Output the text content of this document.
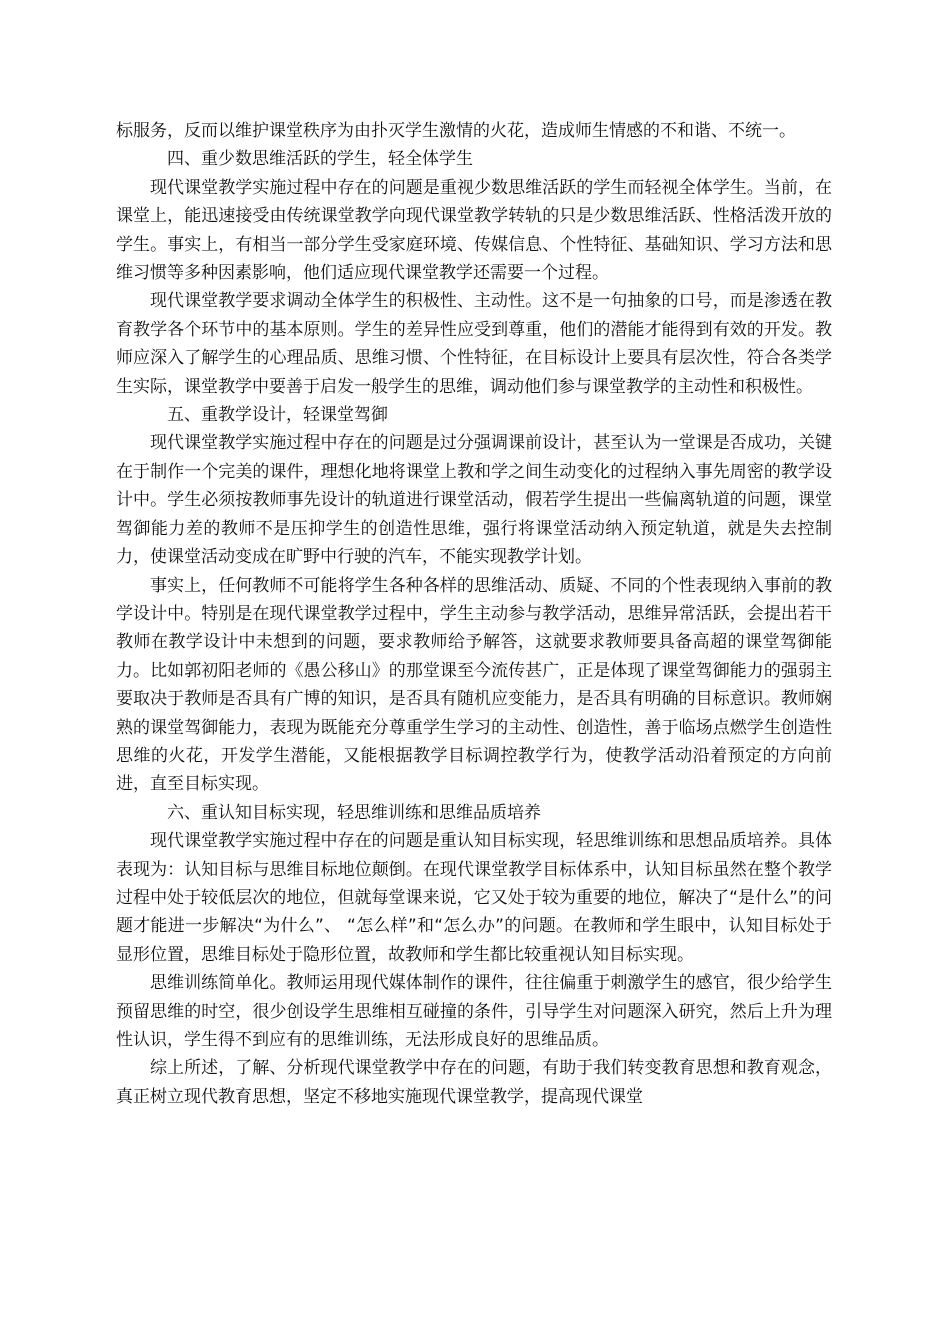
标服务，反而以维护课堂秩序为由扑灭学生激情的火花，造成师生情感的不和谐、不统一。

四、重少数思维活跃的学生，轻全体学生

现代课堂教学实施过程中存在的问题是重视少数思维活跃的学生而轻视全体学生。当前，在课堂上，能迅速接受由传统课堂教学向现代课堂教学转轨的只是少数思维活跃、性格活泼开放的学生。事实上，有相当一部分学生受家庭环境、传媒信息、个性特征、基础知识、学习方法和思维习惯等多种因素影响，他们适应现代课堂教学还需要一个过程。

现代课堂教学要求调动全体学生的积极性、主动性。这不是一句抽象的口号，而是渗透在教育教学各个环节中的基本原则。学生的差异性应受到尊重，他们的潜能才能得到有效的开发。教师应深入了解学生的心理品质、思维习惯、个性特征，在目标设计上要具有层次性，符合各类学生实际，课堂教学中要善于启发一般学生的思维，调动他们参与课堂教学的主动性和积极性。

五、重教学设计，轻课堂驾御

现代课堂教学实施过程中存在的问题是过分强调课前设计，甚至认为一堂课是否成功，关键在于制作一个完美的课件，理想化地将课堂上教和学之间生动变化的过程纳入事先周密的教学设计中。学生必须按教师事先设计的轨道进行课堂活动，假若学生提出一些偏离轨道的问题，课堂驾御能力差的教师不是压抑学生的创造性思维，强行将课堂活动纳入预定轨道，就是失去控制力，使课堂活动变成在旷野中行驶的汽车，不能实现教学计划。

事实上，任何教师不可能将学生各种各样的思维活动、质疑、不同的个性表现纳入事前的教学设计中。特别是在现代课堂教学过程中，学生主动参与教学活动，思维异常活跃，会提出若干教师在教学设计中未想到的问题，要求教师给予解答，这就要求教师要具备高超的课堂驾御能力。比如郭初阳老师的《愚公移山》的那堂课至今流传甚广，正是体现了课堂驾御能力的强弱主要取决于教师是否具有广博的知识，是否具有随机应变能力，是否具有明确的目标意识。教师娴熟的课堂驾御能力，表现为既能充分尊重学生学习的主动性、创造性，善于临场点燃学生创造性思维的火花，开发学生潜能，又能根据教学目标调控教学行为，使教学活动沿着预定的方向前进，直至目标实现。

六、重认知目标实现，轻思维训练和思维品质培养

现代课堂教学实施过程中存在的问题是重认知目标实现，轻思维训练和思想品质培养。具体表现为：认知目标与思维目标地位颠倒。在现代课堂教学目标体系中，认知目标虽然在整个教学过程中处于较低层次的地位，但就每堂课来说，它又处于较为重要的地位，解决了“是什么”的问题才能进一步解决“为什么”、 “怎么样”和“怎么办”的问题。在教师和学生眼中，认知目标处于显形位置，思维目标处于隐形位置，故教师和学生都比较重视认知目标实现。

思维训练简单化。教师运用现代媒体制作的课件，往往偏重于刺激学生的感官，很少给学生预留思维的时空，很少创设学生思维相互碰撞的条件，引导学生对问题深入研究，然后上升为理性认识，学生得不到应有的思维训练，无法形成良好的思维品质。

综上所述，了解、分析现代课堂教学中存在的问题，有助于我们转变教育思想和教育观念，真正树立现代教育思想，坚定不移地实施现代课堂教学，提高现代课堂
